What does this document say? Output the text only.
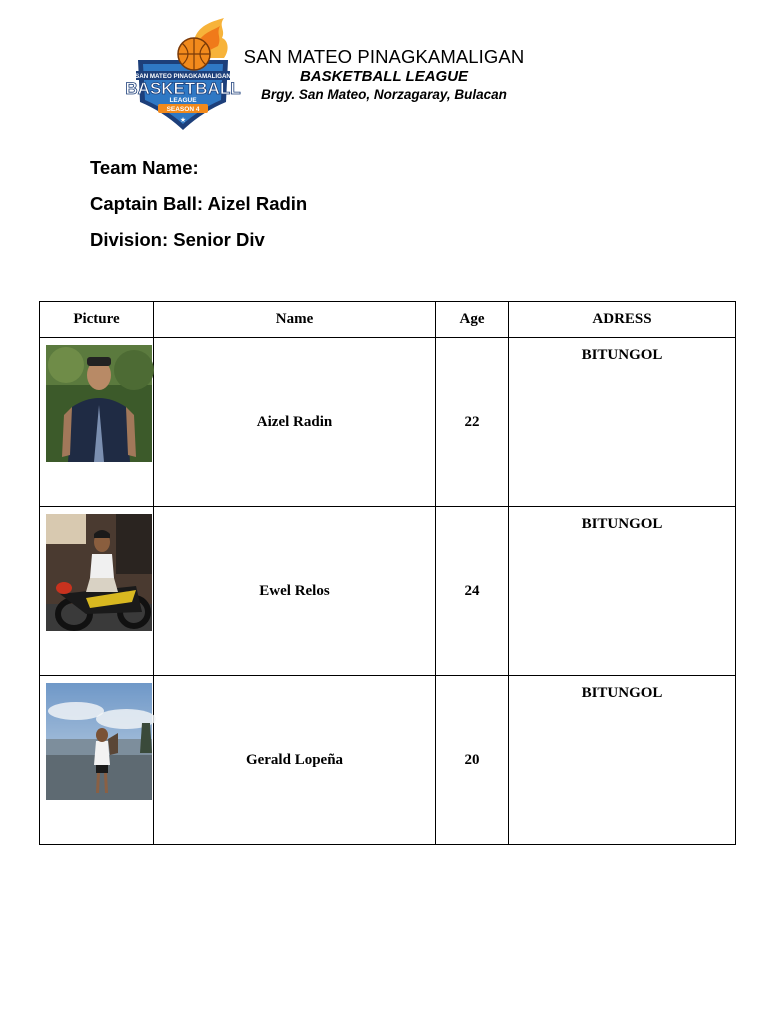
SAN MATEO PINAGKAMALIGAN
BASKETBALL
LEAGUE
SEASON 4
★
SAN MATEO PINAGKAMALIGAN
BASKETBALL LEAGUE
Brgy. San Mateo, Norzagaray, Bulacan
Team Name:
Captain Ball: Aizel Radin
Division: Senior Div
Picture	Name	Age	ADRESS

	Aizel Radin	22	BITUNGOL

	Ewel Relos	24	BITUNGOL

	Gerald Lopeña	20	BITUNGOL
